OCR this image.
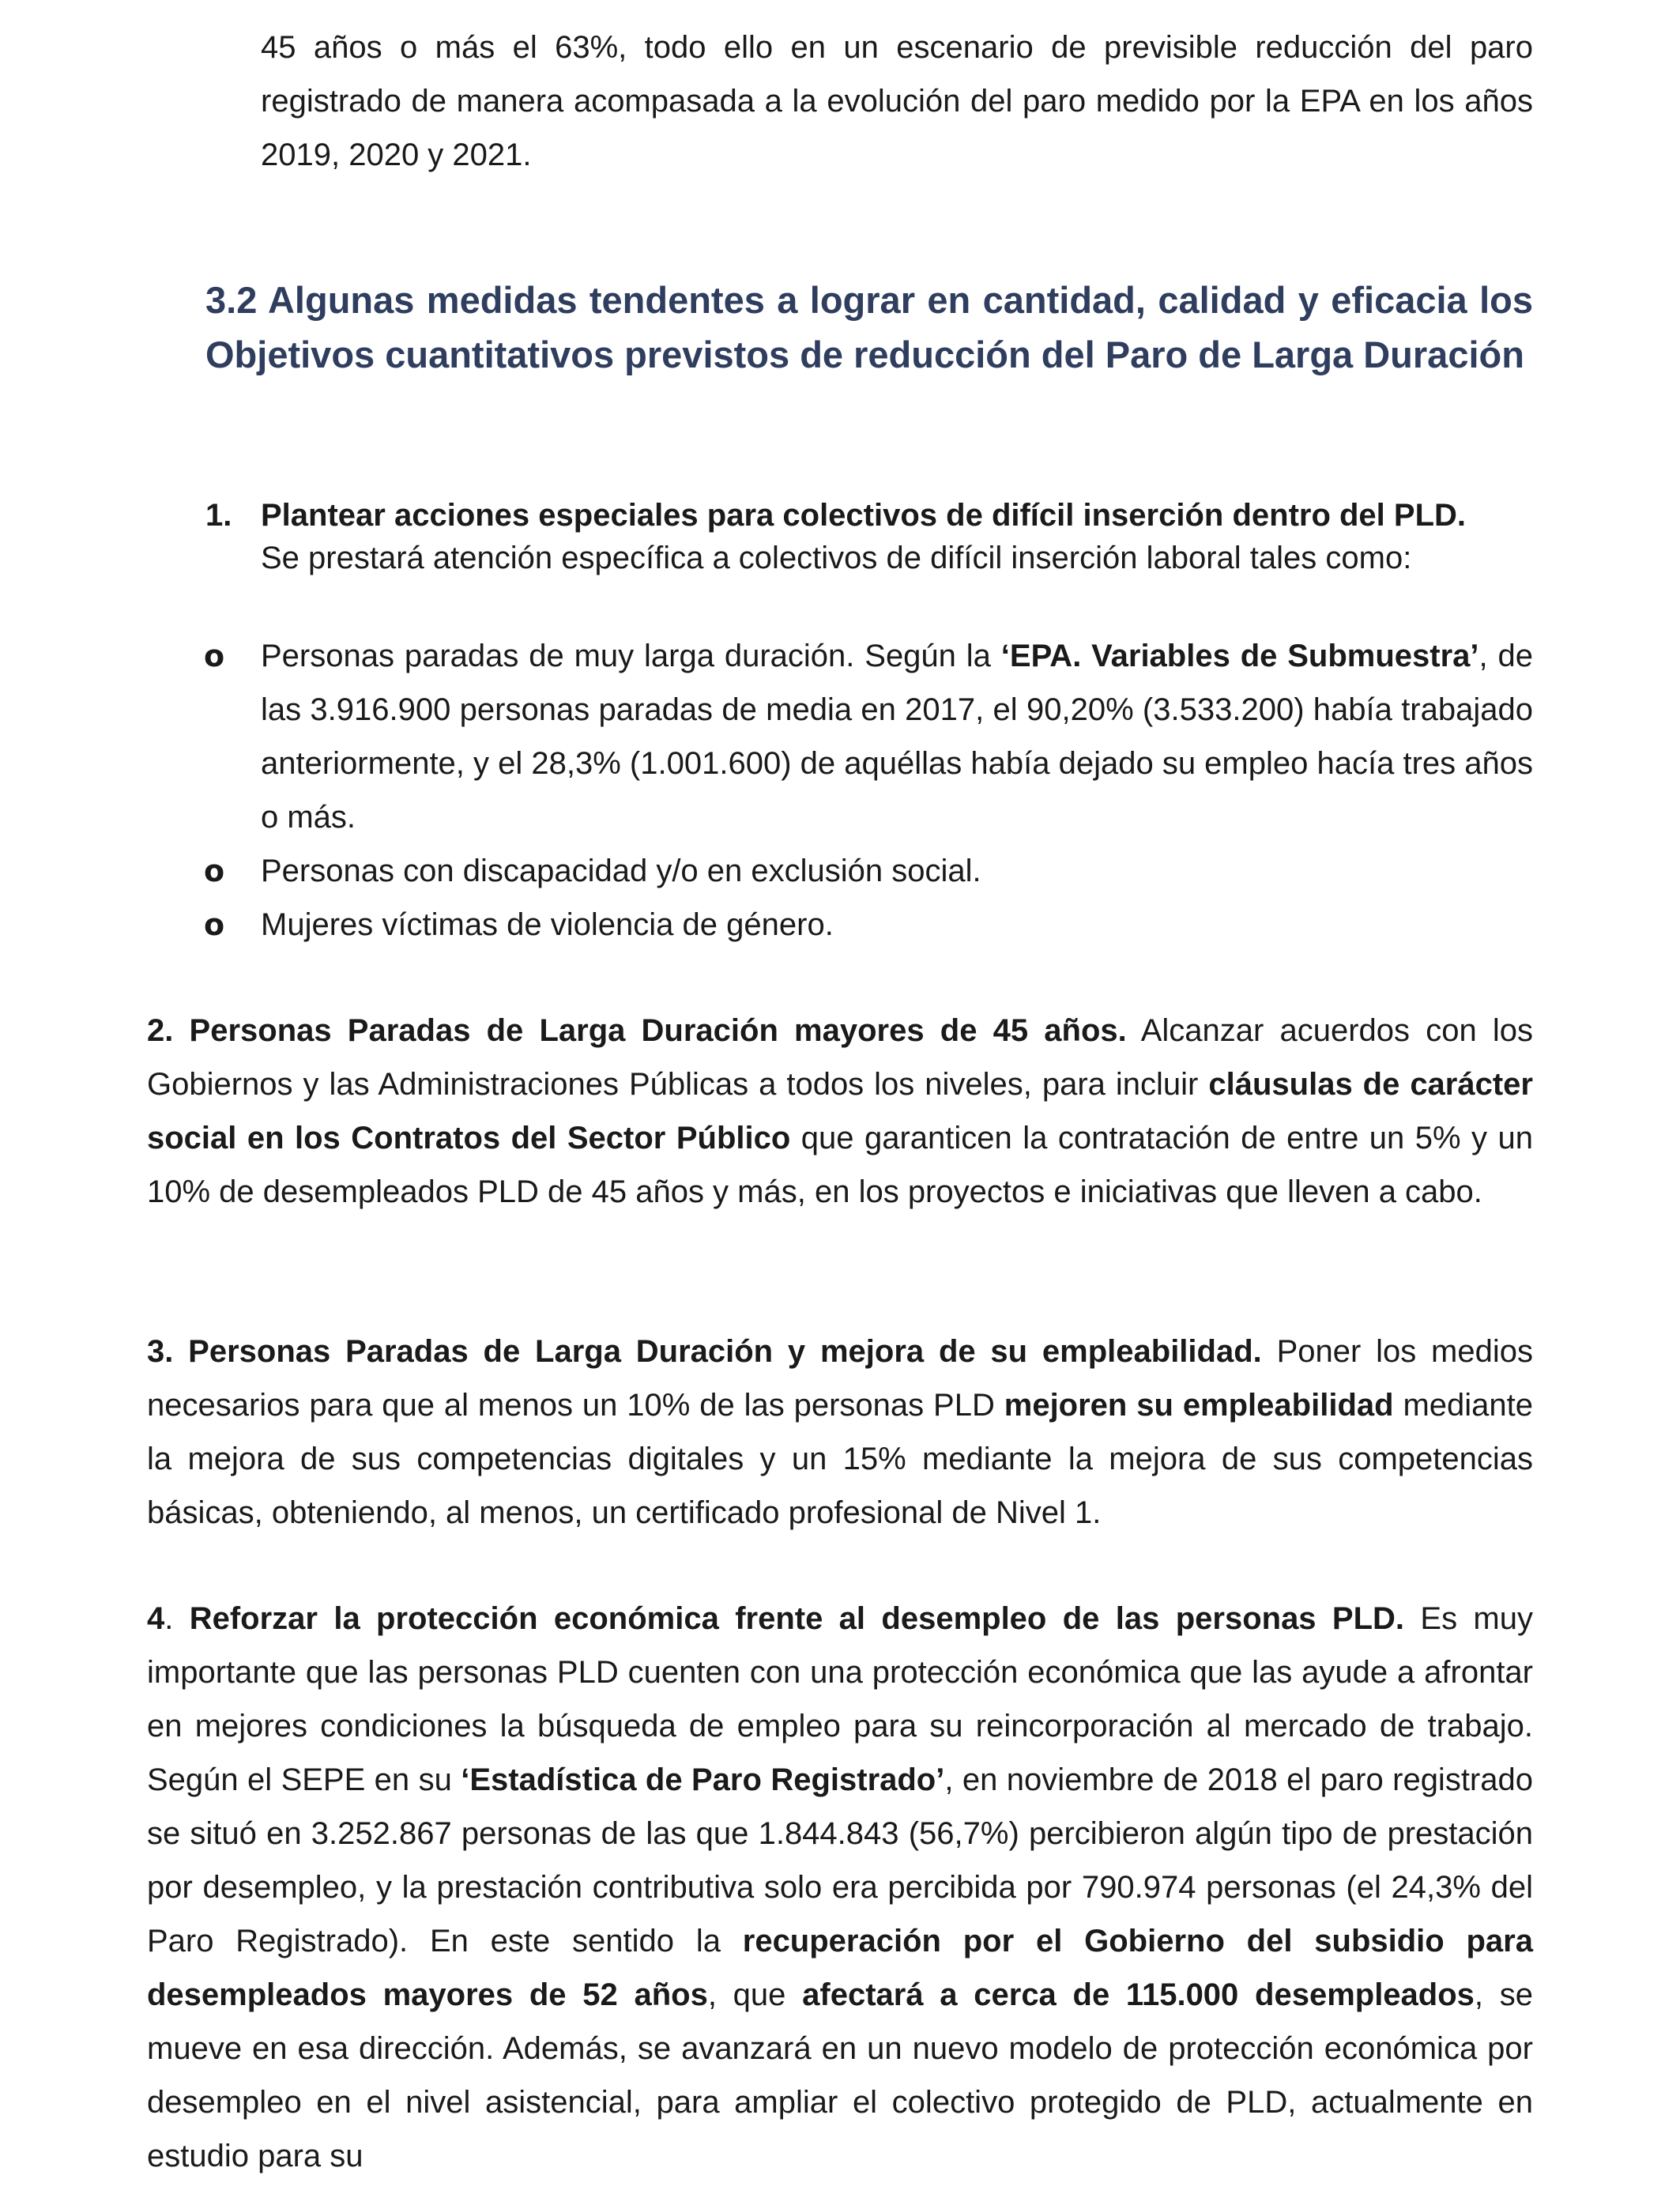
45 años o más el 63%, todo ello en un escenario de previsible reducción del paro registrado de manera acompasada a la evolución del paro medido por la EPA en los años 2019, 2020 y 2021.
3.2 Algunas medidas tendentes a lograr en cantidad, calidad y eficacia los Objetivos cuantitativos previstos de reducción del Paro de Larga Duración
1. Plantear acciones especiales para colectivos de difícil inserción dentro del PLD.
Se prestará atención específica a colectivos de difícil inserción laboral tales como:
o Personas paradas de muy larga duración. Según la ‘EPA. Variables de Submuestra’, de las 3.916.900 personas paradas de media en 2017, el 90,20% (3.533.200) había trabajado anteriormente, y el 28,3% (1.001.600) de aquéllas había dejado su empleo hacía tres años o más.
o Personas con discapacidad y/o en exclusión social.
o Mujeres víctimas de violencia de género.

2. Personas Paradas de Larga Duración mayores de 45 años. Alcanzar acuerdos con los Gobiernos y las Administraciones Públicas a todos los niveles, para incluir cláusulas de carácter social en los Contratos del Sector Público que garanticen la contratación de entre un 5% y un 10% de desempleados PLD de 45 años y más, en los proyectos e iniciativas que lleven a cabo.

3. Personas Paradas de Larga Duración y mejora de su empleabilidad. Poner los medios necesarios para que al menos un 10% de las personas PLD mejoren su empleabilidad mediante la mejora de sus competencias digitales y un 15% mediante la mejora de sus competencias básicas, obteniendo, al menos, un certificado profesional de Nivel 1.

4. Reforzar la protección económica frente al desempleo de las personas PLD. Es muy importante que las personas PLD cuenten con una protección económica que las ayude a afrontar en mejores condiciones la búsqueda de empleo para su reincorporación al mercado de trabajo. Según el SEPE en su ‘Estadística de Paro Registrado’, en noviembre de 2018 el paro registrado se situó en 3.252.867 personas de las que 1.844.843 (56,7%) percibieron algún tipo de prestación por desempleo, y la prestación contributiva solo era percibida por 790.974 personas (el 24,3% del Paro Registrado). En este sentido la recuperación por el Gobierno del subsidio para desempleados mayores de 52 años, que afectará a cerca de 115.000 desempleados, se mueve en esa dirección. Además, se avanzará en un nuevo modelo de protección económica por desempleo en el nivel asistencial, para ampliar el colectivo protegido de PLD, actualmente en estudio para su
